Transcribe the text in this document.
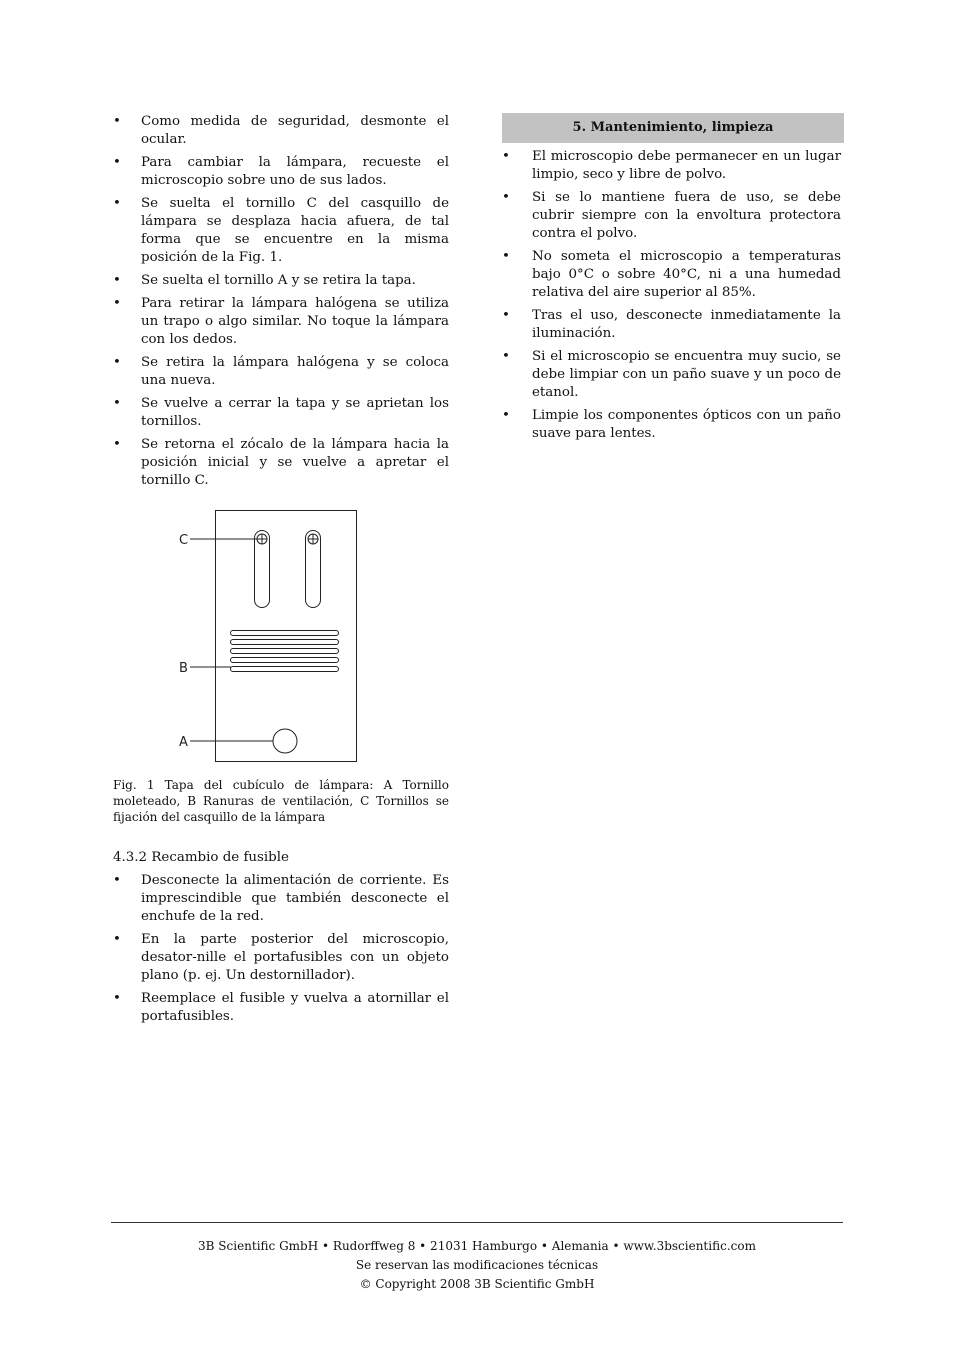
• Como medida de seguridad, desmonte el ocular.
• Para cambiar la lámpara, recueste el microscopio sobre uno de sus lados.
• Se suelta el tornillo C del casquillo de lámpara se desplaza hacia afuera, de tal forma que se encuentre en la misma posición de la Fig. 1.
• Se suelta el tornillo A y se retira la tapa.
• Para retirar la lámpara halógena se utiliza un trapo o algo similar. No toque la lámpara con los dedos.
• Se retira la lámpara halógena y se coloca una nueva.
• Se vuelve a cerrar la tapa y se aprietan los tornillos.
• Se retorna el zócalo de la lámpara hacia la posición inicial y se vuelve a apretar el tornillo C.
C
B
A
Fig. 1 Tapa del cubículo de lámpara: A Tornillo moleteado, B Ranuras de ventilación, C Tornillos se fijación del casquillo de la lámpara
4.3.2 Recambio de fusible
• Desconecte la alimentación de corriente. Es imprescindible que también desconecte el enchufe de la red.
• En la parte posterior del microscopio, desator-nille el portafusibles con un objeto plano (p. ej. Un destornillador).
• Reemplace el fusible y vuelva a atornillar el portafusibles.
5. Mantenimiento, limpieza
• El microscopio debe permanecer en un lugar limpio, seco y libre de polvo.
• Si se lo mantiene fuera de uso, se debe cubrir siempre con la envoltura protectora contra el polvo.
• No someta el microscopio a temperaturas bajo 0°C o sobre 40°C, ni a una humedad relativa del aire superior al 85%.
• Tras el uso, desconecte inmediatamente la iluminación.
• Si el microscopio se encuentra muy sucio, se debe limpiar con un paño suave y un poco de etanol.
• Limpie los componentes ópticos con un paño suave para lentes.
3B Scientific GmbH • Rudorffweg 8 • 21031 Hamburgo • Alemania • www.3bscientific.com
Se reservan las modificaciones técnicas
© Copyright 2008 3B Scientific GmbH
